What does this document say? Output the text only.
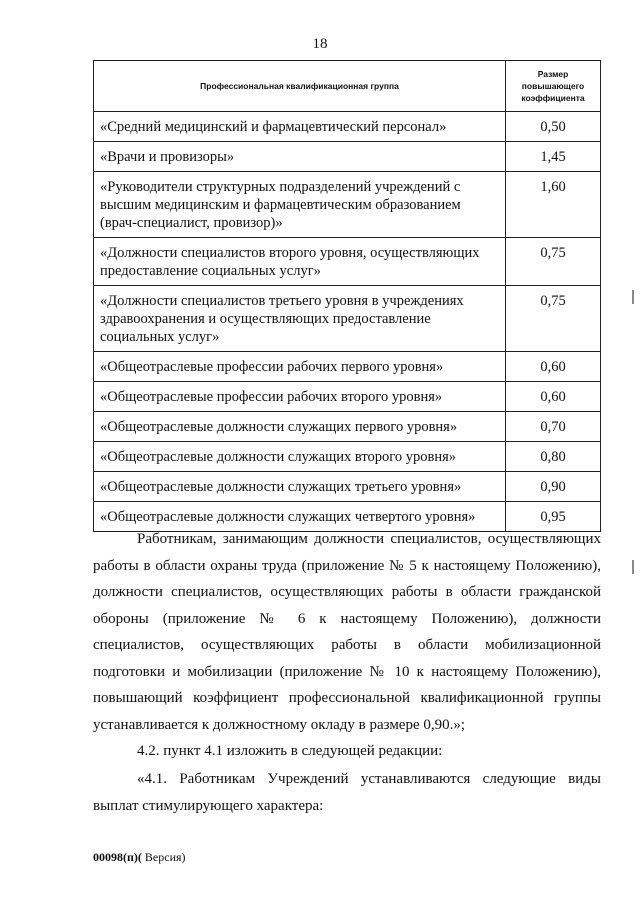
18
Профессиональная квалификационная группа	Размер повышающего коэффициента
«Средний медицинский и фармацевтический персонал»	0,50
«Врачи и провизоры»	1,45
«Руководители структурных подразделений учреждений с высшим медицинским и фармацевтическим образованием (врач-специалист, провизор)»	1,60
«Должности специалистов второго уровня, осуществляющих предоставление социальных услуг»	0,75
«Должности специалистов третьего уровня в учреждениях здравоохранения и осуществляющих предоставление социальных услуг»	0,75
«Общеотраслевые профессии рабочих первого уровня»	0,60
«Общеотраслевые профессии рабочих второго уровня»	0,60
«Общеотраслевые должности служащих первого уровня»	0,70
«Общеотраслевые должности служащих второго уровня»	0,80
«Общеотраслевые должности служащих третьего уровня»	0,90
«Общеотраслевые должности служащих четвертого уровня»	0,95
Работникам, занимающим должности специалистов, осуществляющих работы в области охраны труда (приложение № 5 к настоящему Положению), должности специалистов, осуществляющих работы в области гражданской обороны (приложение № 6 к настоящему Положению), должности специалистов, осуществляющих работы в области мобилизационной подготовки и мобилизации (приложение № 10 к настоящему Положению), повышающий коэффициент профессиональной квалификационной группы устанавливается к должностному окладу в размере 0,90.»;
4.2. пункт 4.1 изложить в следующей редакции:
«4.1. Работникам Учреждений устанавливаются следующие виды выплат стимулирующего характера:
00098(п)( Версия)
